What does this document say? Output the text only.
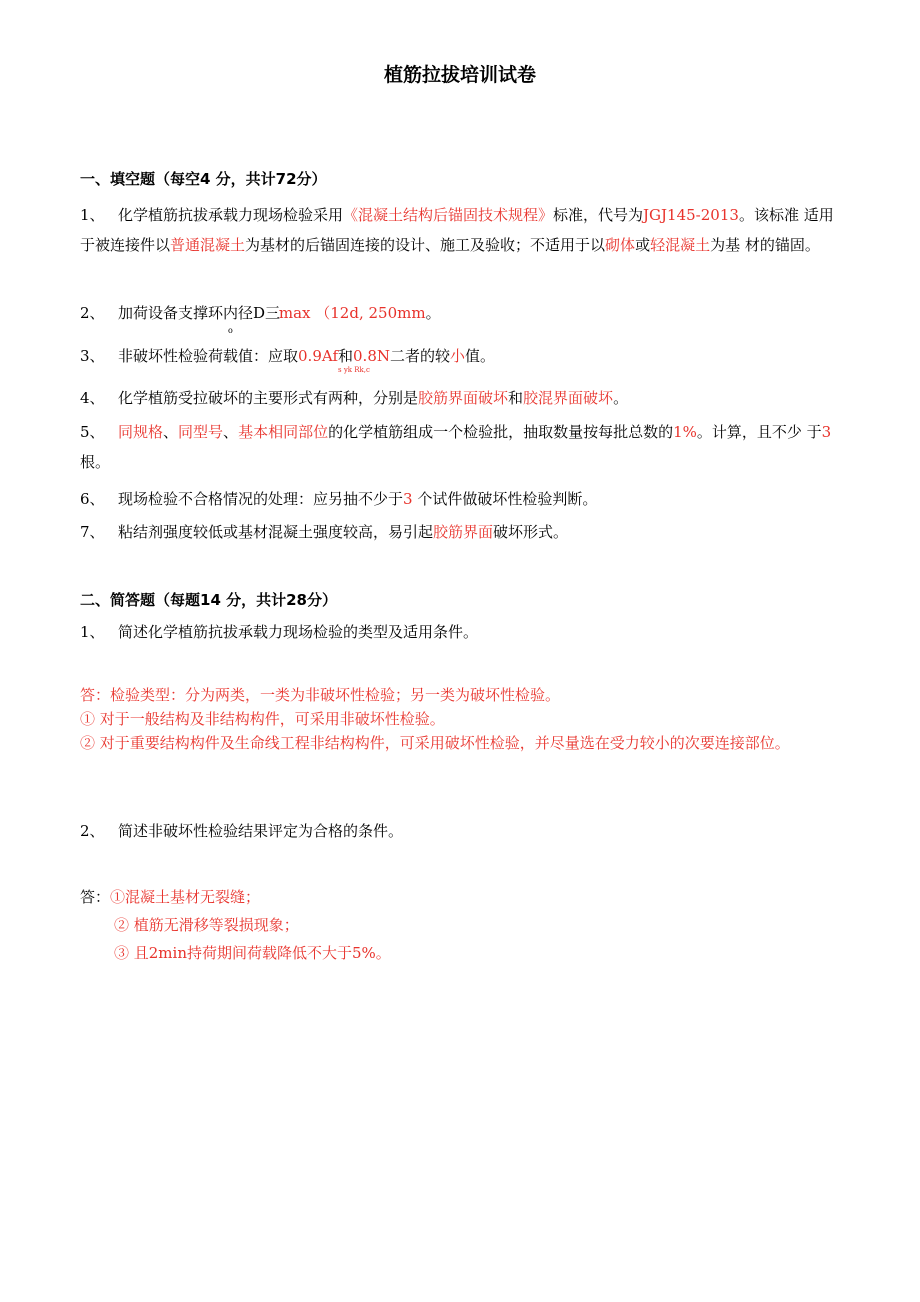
植筋拉拔培训试卷
一、填空题（每空4 分，共计72分）
1、 化学植筋抗拔承载力现场检验采用《混凝土结构后锚固技术规程》标准，代号为JGJ145-2013。该标准 适用于被连接件以普通混凝土为基材的后锚固连接的设计、施工及验收；不适用于以砌体或轻混凝土为基 材的锚固。
2、 加荷设备支撑环内径D三$_o$max （12d, 250mm。
3、 非破坏性检验荷载值：应取0.9Af和0.8N二者的较小值。
s yk Rk,c
4、 化学植筋受拉破坏的主要形式有两种，分别是胶筋界面破坏和胶混界面破坏。
5、 同规格、同型号、基本相同部位的化学植筋组成一个检验批，抽取数量按每批总数的1%。计算，且不少 于3根。
6、 现场检验不合格情况的处理：应另抽不少于3 个试件做破坏性检验判断。
7、 粘结剂强度较低或基材混凝土强度较高，易引起胶筋界面破坏形式。
二、简答题（每题14 分，共计28分）
1、 简述化学植筋抗拔承载力现场检验的类型及适用条件。
答：检验类型：分为两类，一类为非破坏性检验；另一类为破坏性检验。
① 对于一般结构及非结构构件，可采用非破坏性检验。
② 对于重要结构构件及生命线工程非结构构件，可采用破坏性检验，并尽量选在受力较小的次要连接部位。
2、 简述非破坏性检验结果评定为合格的条件。
答：①混凝土基材无裂缝；
② 植筋无滑移等裂损现象；
③ 且2min持荷期间荷载降低不大于5%。
